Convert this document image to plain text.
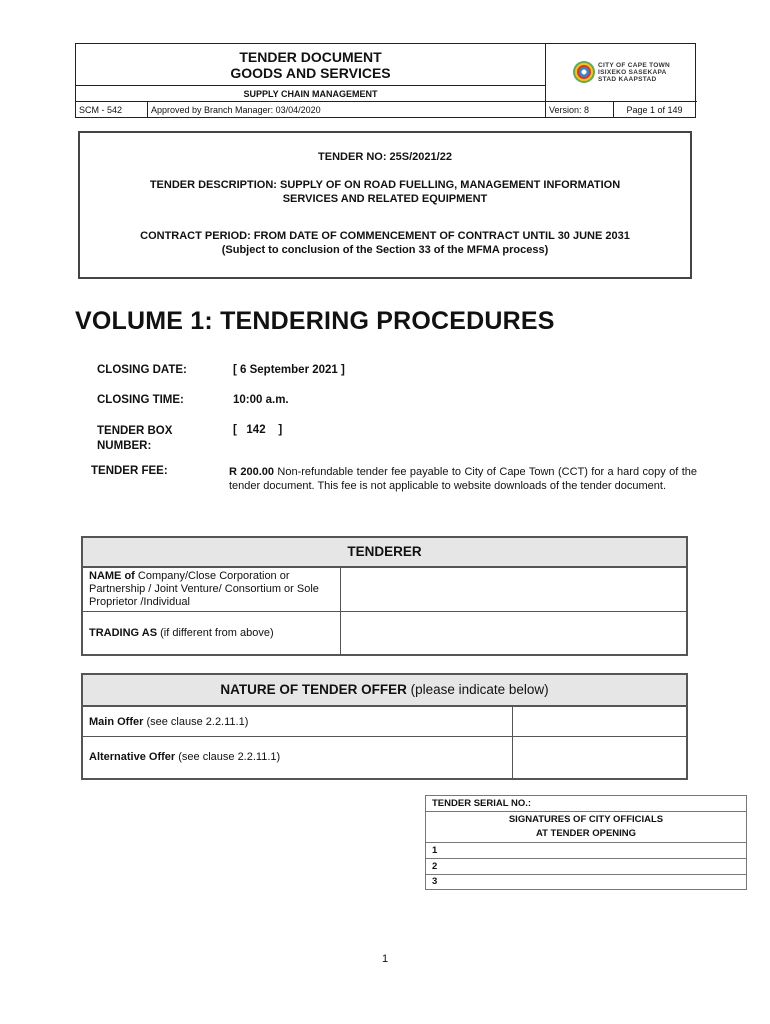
TENDER DOCUMENT
GOODS AND SERVICES
SUPPLY CHAIN MANAGEMENT
CITY OF CAPE TOWN
ISIXEKO SASEKAPA
STAD KAAPSTAD
SCM - 542	Approved by Branch Manager: 03/04/2020	Version: 8	Page 1 of 149

TENDER NO: 25S/2021/22

TENDER DESCRIPTION: SUPPLY OF ON ROAD FUELLING, MANAGEMENT INFORMATION

SERVICES AND RELATED EQUIPMENT

CONTRACT PERIOD: FROM DATE OF COMMENCEMENT OF CONTRACT UNTIL 30 JUNE 2031

(Subject to conclusion of the Section 33 of the MFMA process)

VOLUME 1: TENDERING PROCEDURES
CLOSING DATE:	[ 6 September 2021 ]
CLOSING TIME:	10:00 a.m.
TENDER BOX
NUMBER:
[   142    ]
TENDER FEE:	R 200.00 Non-refundable tender fee payable to City of Cape Town (CCT) for a hard copy of the tender document. This fee is not applicable to website downloads of the tender document.
TENDERER
NAME of Company/Close Corporation or Partnership / Joint Venture/ Consortium or Sole Proprietor /Individual
TRADING AS (if different from above)
NATURE OF TENDER OFFER (please indicate below)
Main Offer (see clause 2.2.11.1)
Alternative Offer (see clause 2.2.11.1)
TENDER SERIAL NO.:
SIGNATURES OF CITY OFFICIALS
AT TENDER OPENING
1
2
3
1
